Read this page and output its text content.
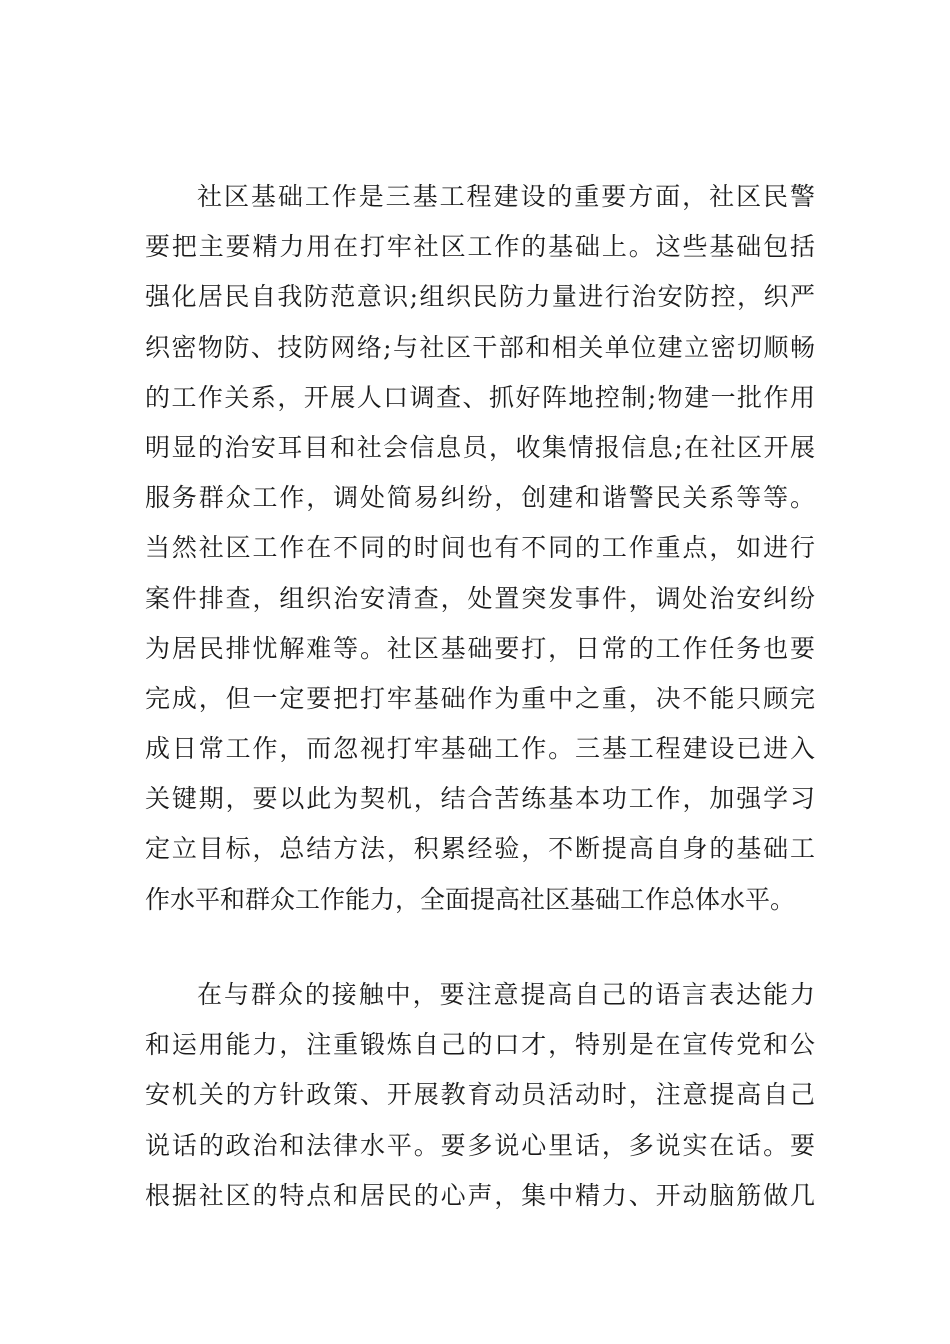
社区基础工作是三基工程建设的重要方面，社区民警
要把主要精力用在打牢社区工作的基础上。这些基础包括
强化居民自我防范意识;组织民防力量进行治安防控，织严
织密物防、技防网络;与社区干部和相关单位建立密切顺畅
的工作关系，开展人口调查、抓好阵地控制;物建一批作用
明显的治安耳目和社会信息员，收集情报信息;在社区开展
服务群众工作，调处简易纠纷，创建和谐警民关系等等。
当然社区工作在不同的时间也有不同的工作重点，如进行
案件排查，组织治安清查，处置突发事件，调处治安纠纷
为居民排忧解难等。社区基础要打，日常的工作任务也要
完成，但一定要把打牢基础作为重中之重，决不能只顾完
成日常工作，而忽视打牢基础工作。三基工程建设已进入
关键期，要以此为契机，结合苦练基本功工作，加强学习
定立目标，总结方法，积累经验，不断提高自身的基础工
作水平和群众工作能力，全面提高社区基础工作总体水平。
在与群众的接触中，要注意提高自己的语言表达能力
和运用能力，注重锻炼自己的口才，特别是在宣传党和公
安机关的方针政策、开展教育动员活动时，注意提高自己
说话的政治和法律水平。要多说心里话，多说实在话。要
根据社区的特点和居民的心声，集中精力、开动脑筋做几
